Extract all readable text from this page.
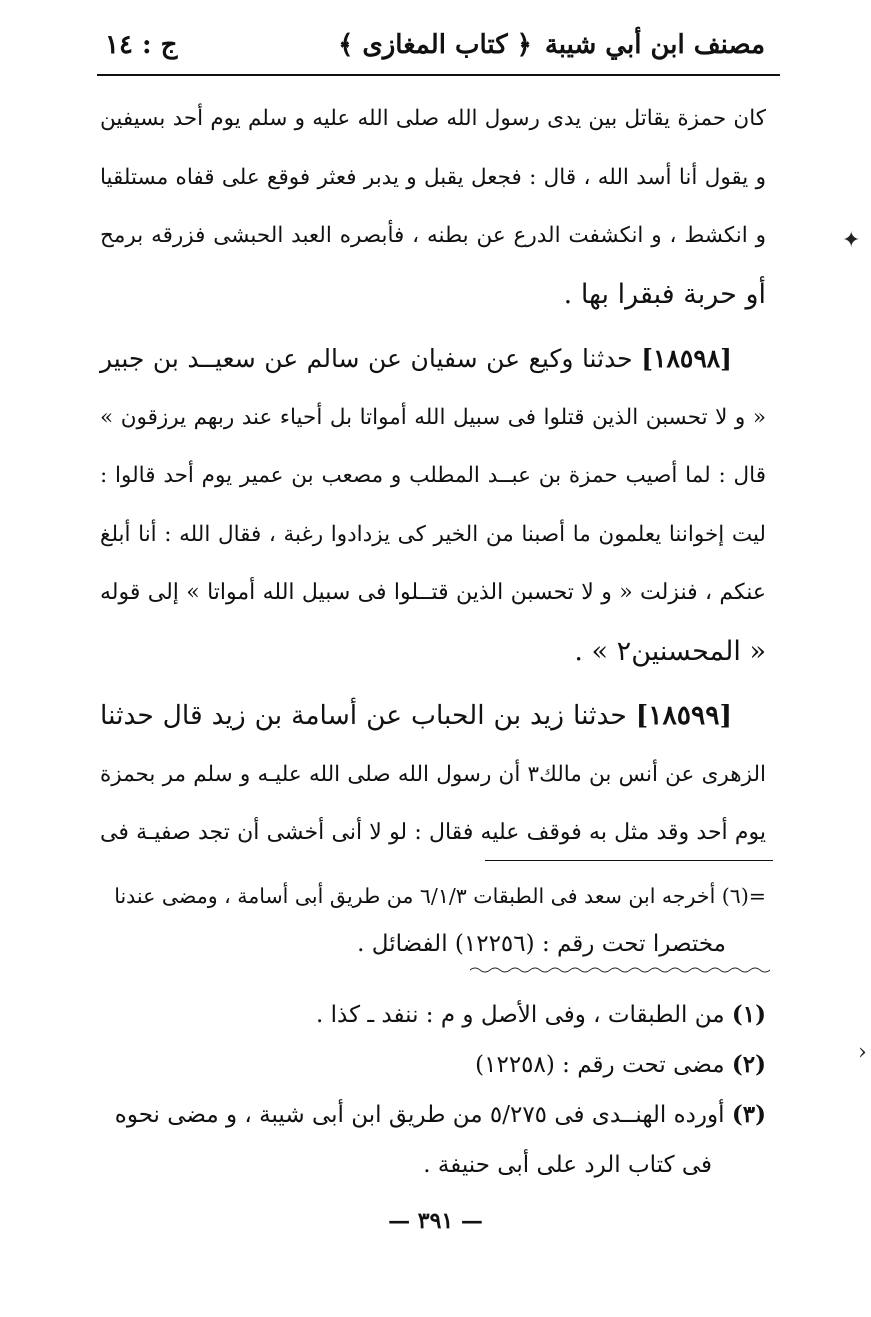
مصنف ابن أبي شيبة
﴿ كتاب المغازى ﴾
ج : ١٤
كان حمزة يقاتل بين يدى رسول الله صلى الله عليه و سلم يوم أحد بسيفين
و يقول أنا أسد الله ، قال : فجعل يقبل و يدبر فعثر فوقع على قفاه مستلقيا
و انكشط ، و انكشفت الدرع عن بطنه ، فأبصره العبد الحبشى فزرقه برمح
أو حربة فبقرا بها .
[١٨٥٩٨] حدثنا وكيع عن سفيان عن سالم عن سعيــد بن جبير
« و لا تحسبن الذين قتلوا فى سبيل الله أمواتا بل أحياء عند ربهم يرزقون »
قال : لما أصيب حمزة بن عبــد المطلب و مصعب بن عمير يوم أحد قالوا :
ليت إخواننا يعلمون ما أصبنا من الخير كى يزدادوا رغبة ، فقال الله : أنا أبلغ
عنكم ، فنزلت « و لا تحسبن الذين قتــلوا فى سبيل الله أمواتا » إلى قوله
« المحسنين٢ » .
[١٨٥٩٩] حدثنا زيد بن الحباب عن أسامة بن زيد قال حدثنا
الزهرى عن أنس بن مالك٣ أن رسول الله صلى الله عليـه و سلم مر بحمزة
يوم أحد وقد مثل به فوقف عليه فقال : لو لا أنى أخشى أن تجد صفيـة فى
=(٦) أخرجه ابن سعد فى الطبقات ٦/١/٣ من طريق أبى أسامة ، ومضى عندنا
مختصرا تحت رقم : (١٢٢٥٦) الفضائل .
(١) من الطبقات ، وفى الأصل و م : ننفد ـ كذا .
(٢) مضى تحت رقم : (١٢٢٥٨)
(٣) أورده الهنــدى فى ٥/٢٧٥ من طريق ابن أبى شيبة ، و مضى نحوه
فى كتاب الرد على أبى حنيفة .
— ٣٩١ —
✦
›
